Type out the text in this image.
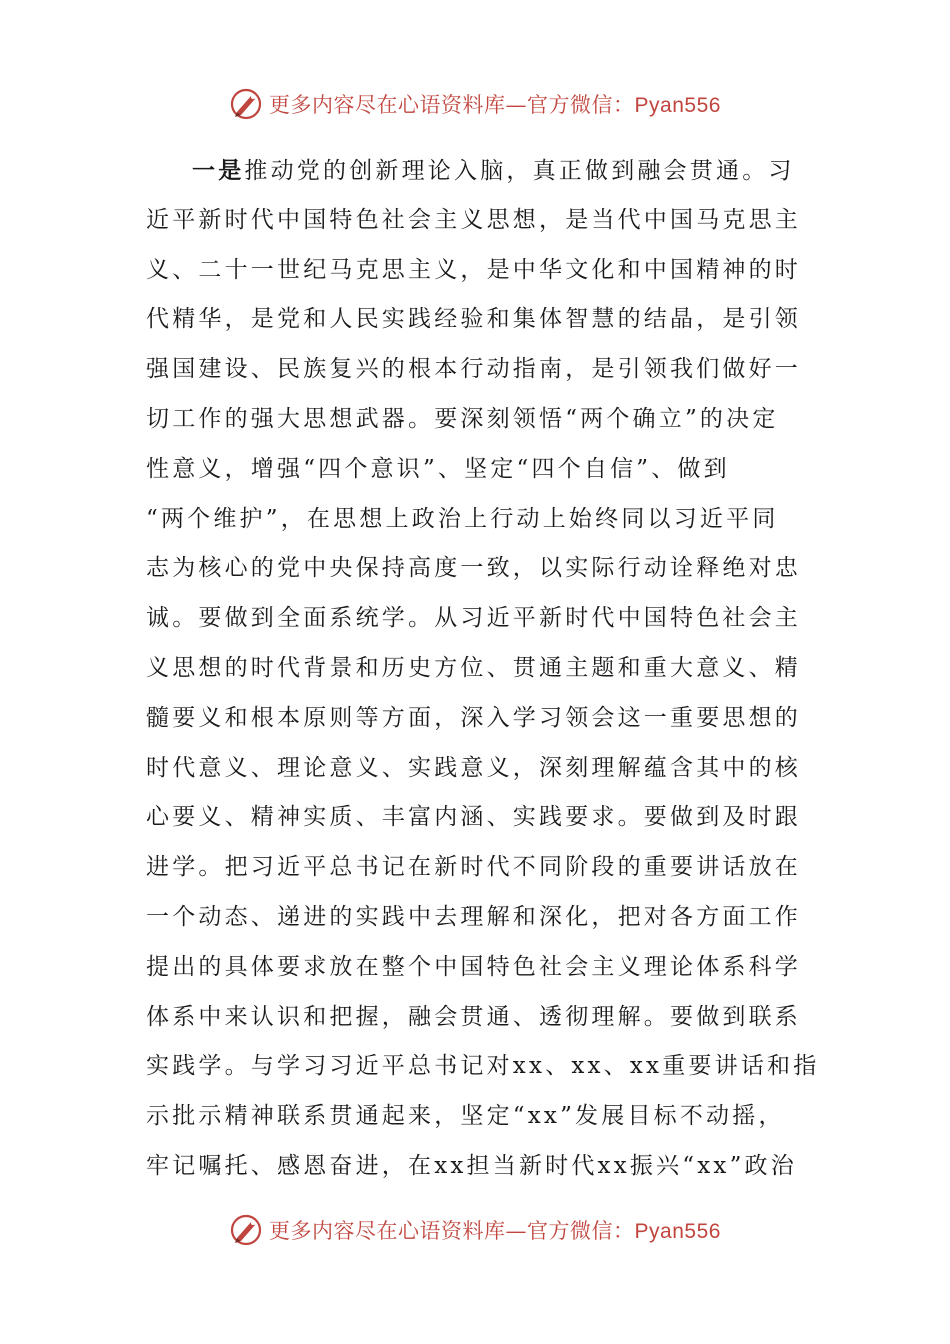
更多内容尽在心语资料库—官方微信：Pyan556
一是推动党的创新理论入脑，真正做到融会贯通。习
近平新时代中国特色社会主义思想，是当代中国马克思主
义、二十一世纪马克思主义，是中华文化和中国精神的时
代精华，是党和人民实践经验和集体智慧的结晶，是引领
强国建设、民族复兴的根本行动指南，是引领我们做好一
切工作的强大思想武器。要深刻领悟“两个确立”的决定
性意义，增强“四个意识”、坚定“四个自信”、做到
“两个维护”，在思想上政治上行动上始终同以习近平同
志为核心的党中央保持高度一致，以实际行动诠释绝对忠
诚。要做到全面系统学。从习近平新时代中国特色社会主
义思想的时代背景和历史方位、贯通主题和重大意义、精
髓要义和根本原则等方面，深入学习领会这一重要思想的
时代意义、理论意义、实践意义，深刻理解蕴含其中的核
心要义、精神实质、丰富内涵、实践要求。要做到及时跟
进学。把习近平总书记在新时代不同阶段的重要讲话放在
一个动态、递进的实践中去理解和深化，把对各方面工作
提出的具体要求放在整个中国特色社会主义理论体系科学
体系中来认识和把握，融会贯通、透彻理解。要做到联系
实践学。与学习习近平总书记对xx、xx、xx重要讲话和指
示批示精神联系贯通起来，坚定“xx”发展目标不动摇，
牢记嘱托、感恩奋进，在xx担当新时代xx振兴“xx”政治
更多内容尽在心语资料库—官方微信：Pyan556
